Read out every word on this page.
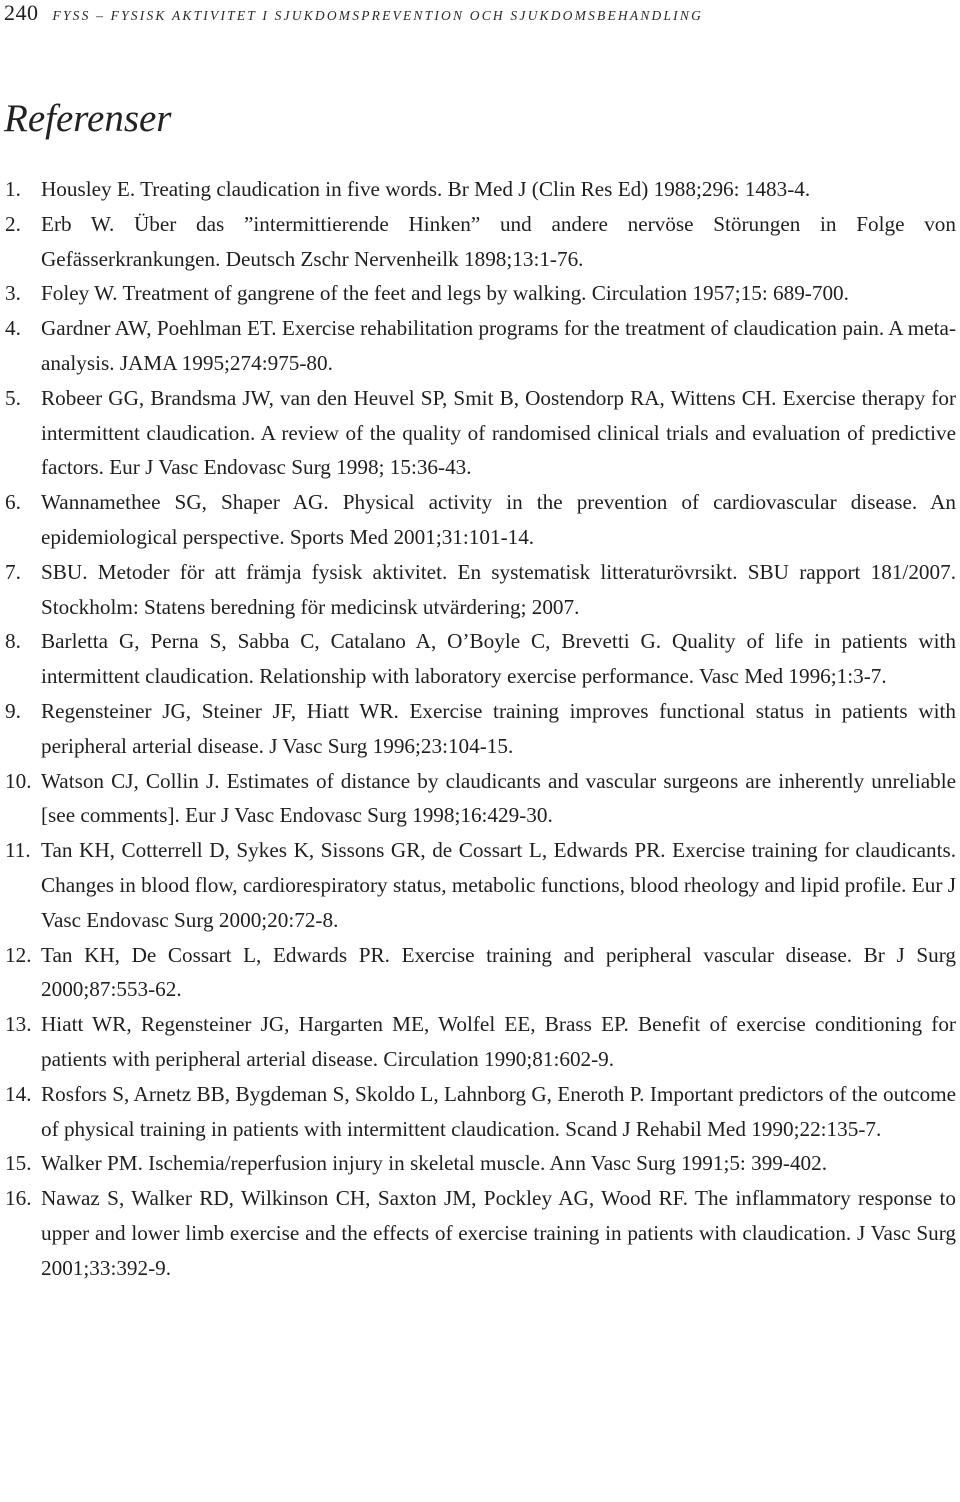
240 FYSS – FYSISK AKTIVITET I SJUKDOMSPREVENTION OCH SJUKDOMSBEHANDLING
Referenser
1. Housley E. Treating claudication in five words. Br Med J (Clin Res Ed) 1988;296: 1483-4.
2. Erb W. Über das ”intermittierende Hinken” und andere nervöse Störungen in Folge von Gefässerkrankungen. Deutsch Zschr Nervenheilk 1898;13:1-76.
3. Foley W. Treatment of gangrene of the feet and legs by walking. Circulation 1957;15: 689-700.
4. Gardner AW, Poehlman ET. Exercise rehabilitation programs for the treatment of claudication pain. A meta-analysis. JAMA 1995;274:975-80.
5. Robeer GG, Brandsma JW, van den Heuvel SP, Smit B, Oostendorp RA, Wittens CH. Exercise therapy for intermittent claudication. A review of the quality of randomised clinical trials and evaluation of predictive factors. Eur J Vasc Endovasc Surg 1998; 15:36-43.
6. Wannamethee SG, Shaper AG. Physical activity in the prevention of cardiovascular disease. An epidemiological perspective. Sports Med 2001;31:101-14.
7. SBU. Metoder för att främja fysisk aktivitet. En systematisk litteraturövrsikt. SBU rapport 181/2007. Stockholm: Statens beredning för medicinsk utvärdering; 2007.
8. Barletta G, Perna S, Sabba C, Catalano A, O’Boyle C, Brevetti G. Quality of life in patients with intermittent claudication. Relationship with laboratory exercise performance. Vasc Med 1996;1:3-7.
9. Regensteiner JG, Steiner JF, Hiatt WR. Exercise training improves functional status in patients with peripheral arterial disease. J Vasc Surg 1996;23:104-15.
10. Watson CJ, Collin J. Estimates of distance by claudicants and vascular surgeons are inherently unreliable [see comments]. Eur J Vasc Endovasc Surg 1998;16:429-30.
11. Tan KH, Cotterrell D, Sykes K, Sissons GR, de Cossart L, Edwards PR. Exercise training for claudicants. Changes in blood flow, cardiorespiratory status, metabolic functions, blood rheology and lipid profile. Eur J Vasc Endovasc Surg 2000;20:72-8.
12. Tan KH, De Cossart L, Edwards PR. Exercise training and peripheral vascular disease. Br J Surg 2000;87:553-62.
13. Hiatt WR, Regensteiner JG, Hargarten ME, Wolfel EE, Brass EP. Benefit of exercise conditioning for patients with peripheral arterial disease. Circulation 1990;81:602-9.
14. Rosfors S, Arnetz BB, Bygdeman S, Skoldo L, Lahnborg G, Eneroth P. Important predictors of the outcome of physical training in patients with intermittent claudication. Scand J Rehabil Med 1990;22:135-7.
15. Walker PM. Ischemia/reperfusion injury in skeletal muscle. Ann Vasc Surg 1991;5: 399-402.
16. Nawaz S, Walker RD, Wilkinson CH, Saxton JM, Pockley AG, Wood RF. The inflammatory response to upper and lower limb exercise and the effects of exercise training in patients with claudication. J Vasc Surg 2001;33:392-9.
